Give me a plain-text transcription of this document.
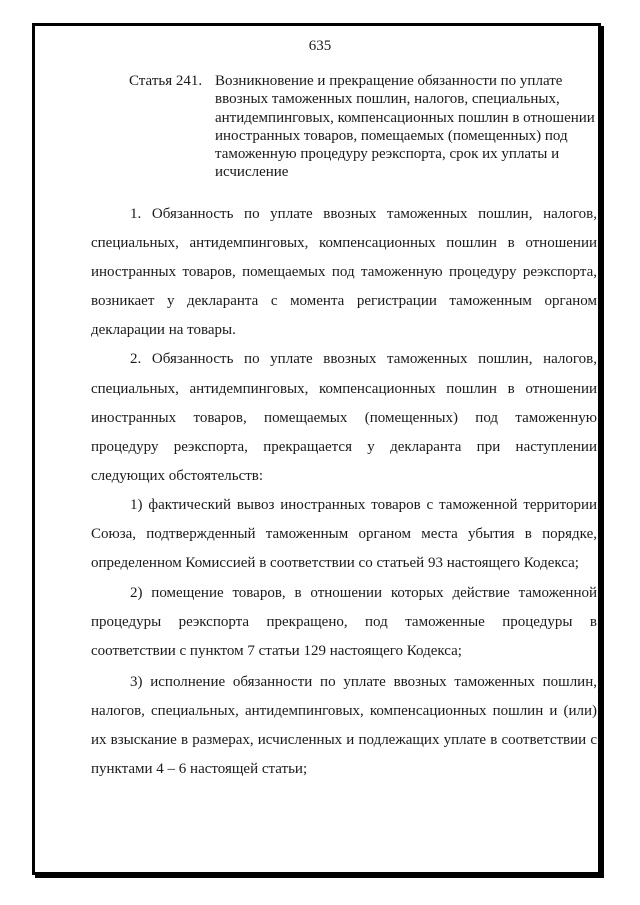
635
Статья 241. Возникновение и прекращение обязанности по уплате ввозных таможенных пошлин, налогов, специальных, антидемпинговых, компенсационных пошлин в отношении иностранных товаров, помещаемых (помещенных) под таможенную процедуру реэкспорта, срок их уплаты и исчисление

1. Обязанность по уплате ввозных таможенных пошлин, налогов, специальных, антидемпинговых, компенсационных пошлин в отношении иностранных товаров, помещаемых под таможенную процедуру реэкспорта, возникает у декларанта с момента регистрации таможенным органом декларации на товары.

2. Обязанность по уплате ввозных таможенных пошлин, налогов, специальных, антидемпинговых, компенсационных пошлин в отношении иностранных товаров, помещаемых (помещенных) под таможенную процедуру реэкспорта, прекращается у декларанта при наступлении следующих обстоятельств:

1) фактический вывоз иностранных товаров с таможенной территории Союза, подтвержденный таможенным органом места убытия в порядке, определенном Комиссией в соответствии со статьей 93 настоящего Кодекса;

2) помещение товаров, в отношении которых действие таможенной процедуры реэкспорта прекращено, под таможенные процедуры в соответствии с пунктом 7 статьи 129 настоящего Кодекса;

3) исполнение обязанности по уплате ввозных таможенных пошлин, налогов, специальных, антидемпинговых, компенсационных пошлин и (или) их взыскание в размерах, исчисленных и подлежащих уплате в соответствии с пунктами 4 – 6 настоящей статьи;
